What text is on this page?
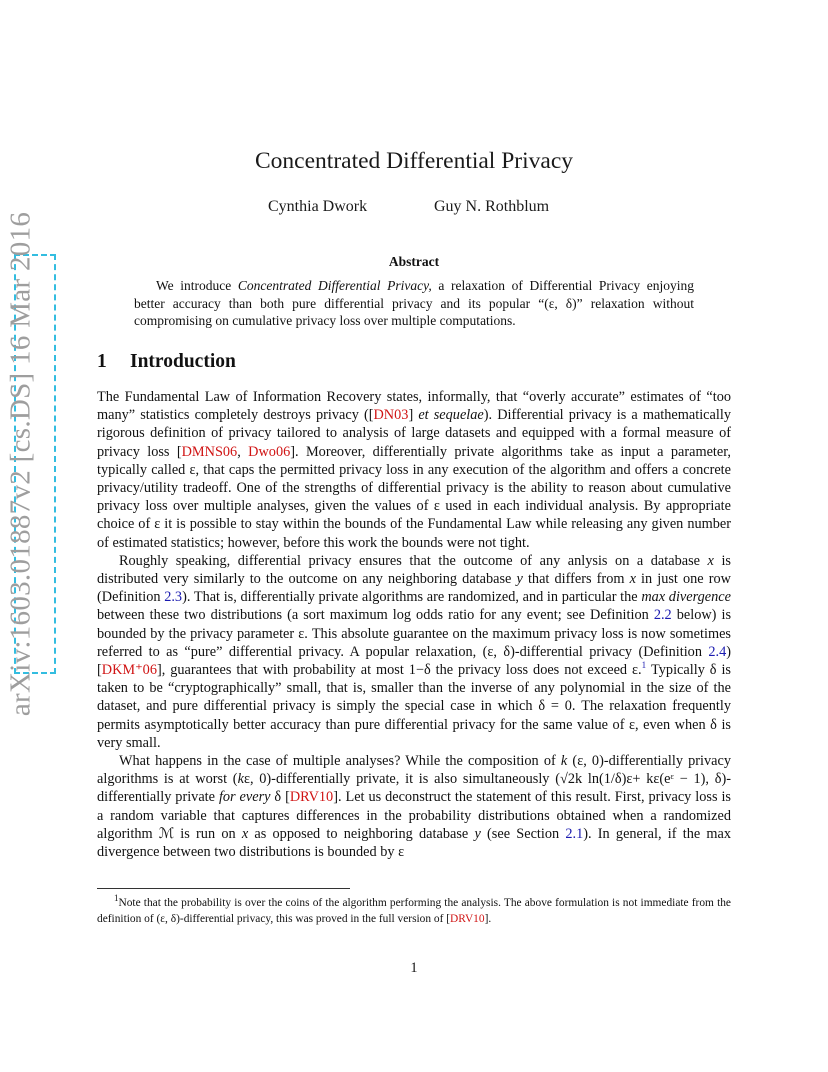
arXiv:1603.01887v2 [cs.DS] 16 Mar 2016
Concentrated Differential Privacy
Cynthia Dwork	Guy N. Rothblum
Abstract
We introduce Concentrated Differential Privacy, a relaxation of Differential Privacy enjoying better accuracy than both pure differential privacy and its popular “(ε, δ)” relaxation without compromising on cumulative privacy loss over multiple computations.
1 Introduction

The Fundamental Law of Information Recovery states, informally, that “overly accurate” estimates of “too many” statistics completely destroys privacy ([DN03] et sequelae). Differential privacy is a mathematically rigorous definition of privacy tailored to analysis of large datasets and equipped with a formal measure of privacy loss [DMNS06, Dwo06]. Moreover, differentially private algorithms take as input a parameter, typically called ε, that caps the permitted privacy loss in any execution of the algorithm and offers a concrete privacy/utility tradeoff. One of the strengths of differential privacy is the ability to reason about cumulative privacy loss over multiple analyses, given the values of ε used in each individual analysis. By appropriate choice of ε it is possible to stay within the bounds of the Fundamental Law while releasing any given number of estimated statistics; however, before this work the bounds were not tight.

Roughly speaking, differential privacy ensures that the outcome of any anlysis on a database x is distributed very similarly to the outcome on any neighboring database y that differs from x in just one row (Definition 2.3). That is, differentially private algorithms are randomized, and in particular the max divergence between these two distributions (a sort maximum log odds ratio for any event; see Definition 2.2 below) is bounded by the privacy parameter ε. This absolute guarantee on the maximum privacy loss is now sometimes referred to as “pure” differential privacy. A popular relaxation, (ε, δ)-differential privacy (Definition 2.4)[DKM⁺06], guarantees that with probability at most 1−δ the privacy loss does not exceed ε.$^1$ Typically δ is taken to be “cryptographically” small, that is, smaller than the inverse of any polynomial in the size of the dataset, and pure differential privacy is simply the special case in which δ = 0. The relaxation frequently permits asymptotically better accuracy than pure differential privacy for the same value of ε, even when δ is very small.

What happens in the case of multiple analyses? While the composition of k (ε, 0)-differentially privacy algorithms is at worst (kε, 0)-differentially private, it is also simultaneously (√2k ln(1/δ)ε+ kε(eᵋ − 1), δ)-differentially private for every δ [DRV10]. Let us deconstruct the statement of this result. First, privacy loss is a random variable that captures differences in the probability distributions obtained when a randomized algorithm ℳ is run on x as opposed to neighboring database y (see Section 2.1). In general, if the max divergence between two distributions is bounded by ε

$^1$Note that the probability is over the coins of the algorithm performing the analysis. The above formulation is not immediate from the definition of (ε, δ)-differential privacy, this was proved in the full version of [DRV10].
1
